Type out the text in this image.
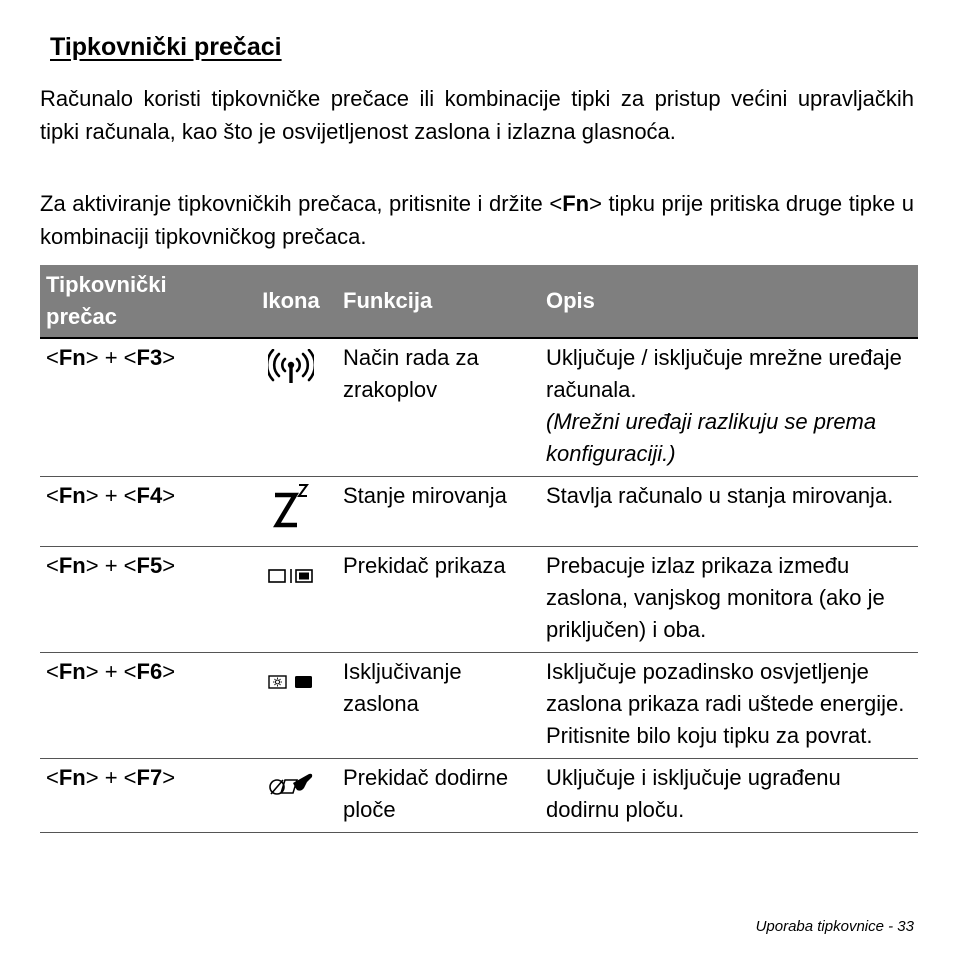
Tipkovnički prečaci

Računalo koristi tipkovničke prečace ili kombinacije tipki za pristup većini upravljačkih tipki računala, kao što je osvijetljenost zaslona i izlazna glasnoća.

Za aktiviranje tipkovničkih prečaca, pritisnite i držite <Fn> tipku prije pritiska druge tipke u kombinaciji tipkovničkog prečaca.

Tipkovnički prečac	Ikona	Funkcija	Opis
<Fn> + <F3>		Način rada za zrakoplov	Uključuje / isključuje mrežne uređaje računala.
(Mrežni uređaji razlikuju se prema konfiguraciji.)

<Fn> + <F4>		Stanje mirovanja	Stavlja računalo u stanja mirovanja.
<Fn> + <F5>		Prekidač prikaza	Prebacuje izlaz prikaza između zaslona, vanjskog monitora (ako je priključen) i oba.
<Fn> + <F6>		Isključivanje zaslona	Isključuje pozadinsko osvjetljenje zaslona prikaza radi uštede energije. Pritisnite bilo koju tipku za povrat.
<Fn> + <F7>		Prekidač dodirne ploče	Uključuje i isključuje ugrađenu dodirnu ploču.
Uporaba tipkovnice - 33
